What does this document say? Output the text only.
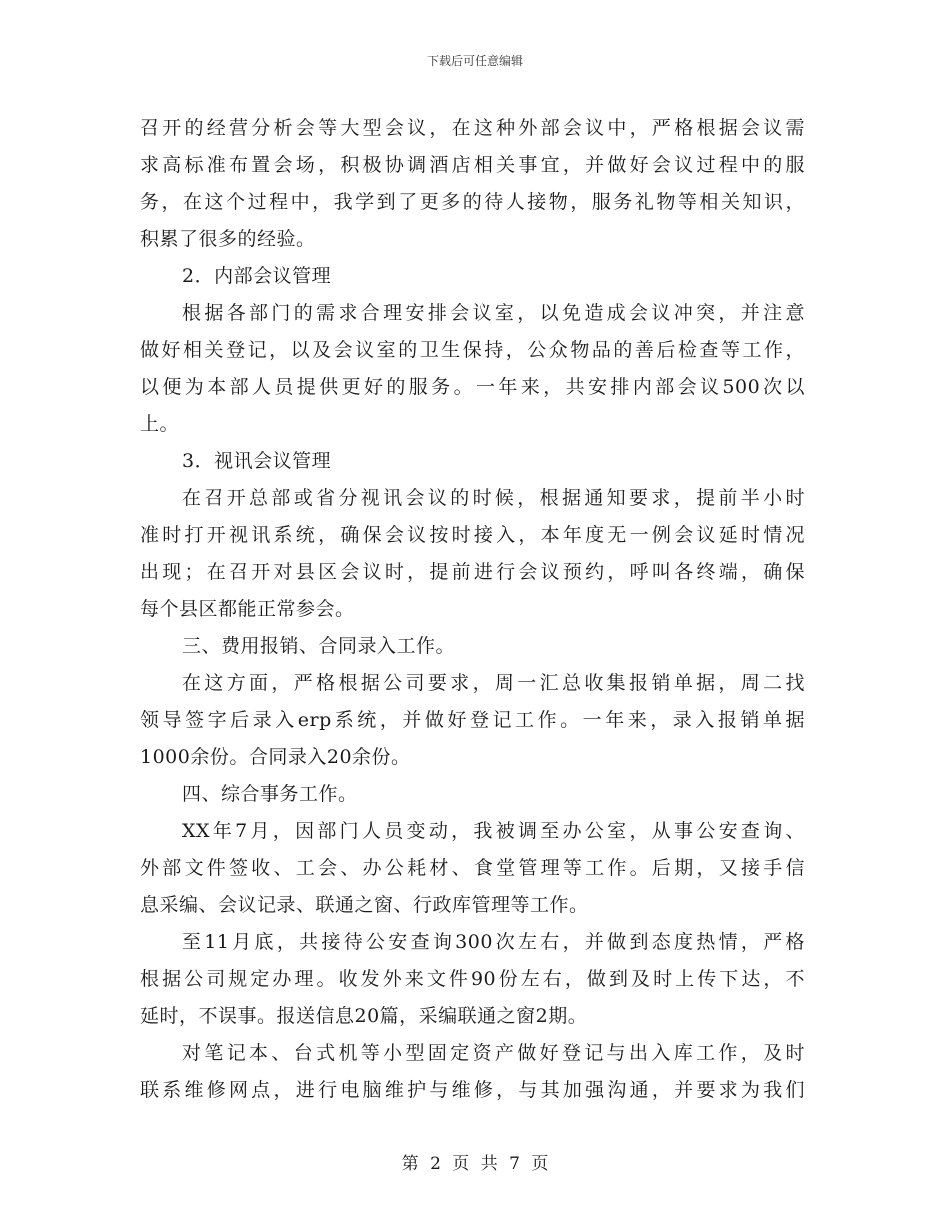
下载后可任意编辑
召开的经营分析会等大型会议，在这种外部会议中，严格根据会议需
求高标准布置会场，积极协调酒店相关事宜，并做好会议过程中的服
务，在这个过程中，我学到了更多的待人接物，服务礼物等相关知识，
积累了很多的经验。
2．内部会议管理
根据各部门的需求合理安排会议室，以免造成会议冲突，并注意
做好相关登记，以及会议室的卫生保持，公众物品的善后检查等工作，
以便为本部人员提供更好的服务。一年来，共安排内部会议500次以
上。
3．视讯会议管理
在召开总部或省分视讯会议的时候，根据通知要求，提前半小时
准时打开视讯系统，确保会议按时接入，本年度无一例会议延时情况
出现；在召开对县区会议时，提前进行会议预约，呼叫各终端，确保
每个县区都能正常参会。
三、费用报销、合同录入工作。
在这方面，严格根据公司要求，周一汇总收集报销单据，周二找
领导签字后录入erp系统，并做好登记工作。一年来，录入报销单据
1000余份。合同录入20余份。
四、综合事务工作。
XX年7月，因部门人员变动，我被调至办公室，从事公安查询、
外部文件签收、工会、办公耗材、食堂管理等工作。后期，又接手信
息采编、会议记录、联通之窗、行政库管理等工作。
至11月底，共接待公安查询300次左右，并做到态度热情，严格
根据公司规定办理。收发外来文件90份左右，做到及时上传下达，不
延时，不误事。报送信息20篇，采编联通之窗2期。
对笔记本、台式机等小型固定资产做好登记与出入库工作，及时
联系维修网点，进行电脑维护与维修，与其加强沟通，并要求为我们
第 2 页 共 7 页
